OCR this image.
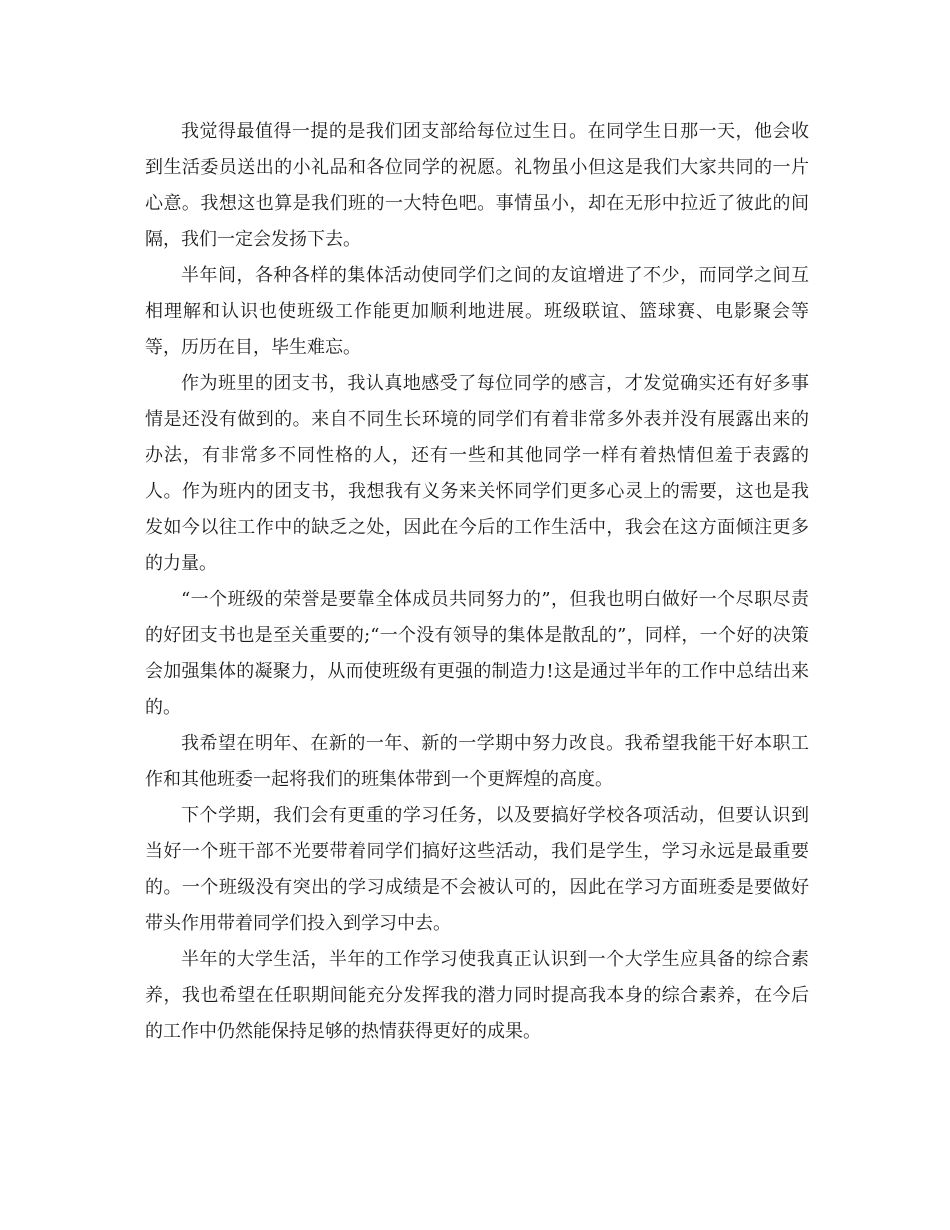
我觉得最值得一提的是我们团支部给每位过生日。在同学生日那一天，他会收到生活委员送出的小礼品和各位同学的祝愿。礼物虽小但这是我们大家共同的一片心意。我想这也算是我们班的一大特色吧。事情虽小，却在无形中拉近了彼此的间隔，我们一定会发扬下去。

半年间，各种各样的集体活动使同学们之间的友谊增进了不少，而同学之间互相理解和认识也使班级工作能更加顺利地进展。班级联谊、篮球赛、电影聚会等等，历历在目，毕生难忘。

作为班里的团支书，我认真地感受了每位同学的感言，才发觉确实还有好多事情是还没有做到的。来自不同生长环境的同学们有着非常多外表并没有展露出来的办法，有非常多不同性格的人，还有一些和其他同学一样有着热情但羞于表露的人。作为班内的团支书，我想我有义务来关怀同学们更多心灵上的需要，这也是我发如今以往工作中的缺乏之处，因此在今后的工作生活中，我会在这方面倾注更多的力量。

“一个班级的荣誉是要靠全体成员共同努力的”，但我也明白做好一个尽职尽责的好团支书也是至关重要的;“一个没有领导的集体是散乱的”，同样，一个好的决策会加强集体的凝聚力，从而使班级有更强的制造力!这是通过半年的工作中总结出来的。

我希望在明年、在新的一年、新的一学期中努力改良。我希望我能干好本职工作和其他班委一起将我们的班集体带到一个更辉煌的高度。

下个学期，我们会有更重的学习任务，以及要搞好学校各项活动，但要认识到当好一个班干部不光要带着同学们搞好这些活动，我们是学生，学习永远是最重要的。一个班级没有突出的学习成绩是不会被认可的，因此在学习方面班委是要做好带头作用带着同学们投入到学习中去。

半年的大学生活，半年的工作学习使我真正认识到一个大学生应具备的综合素养，我也希望在任职期间能充分发挥我的潜力同时提高我本身的综合素养，在今后的工作中仍然能保持足够的热情获得更好的成果。
